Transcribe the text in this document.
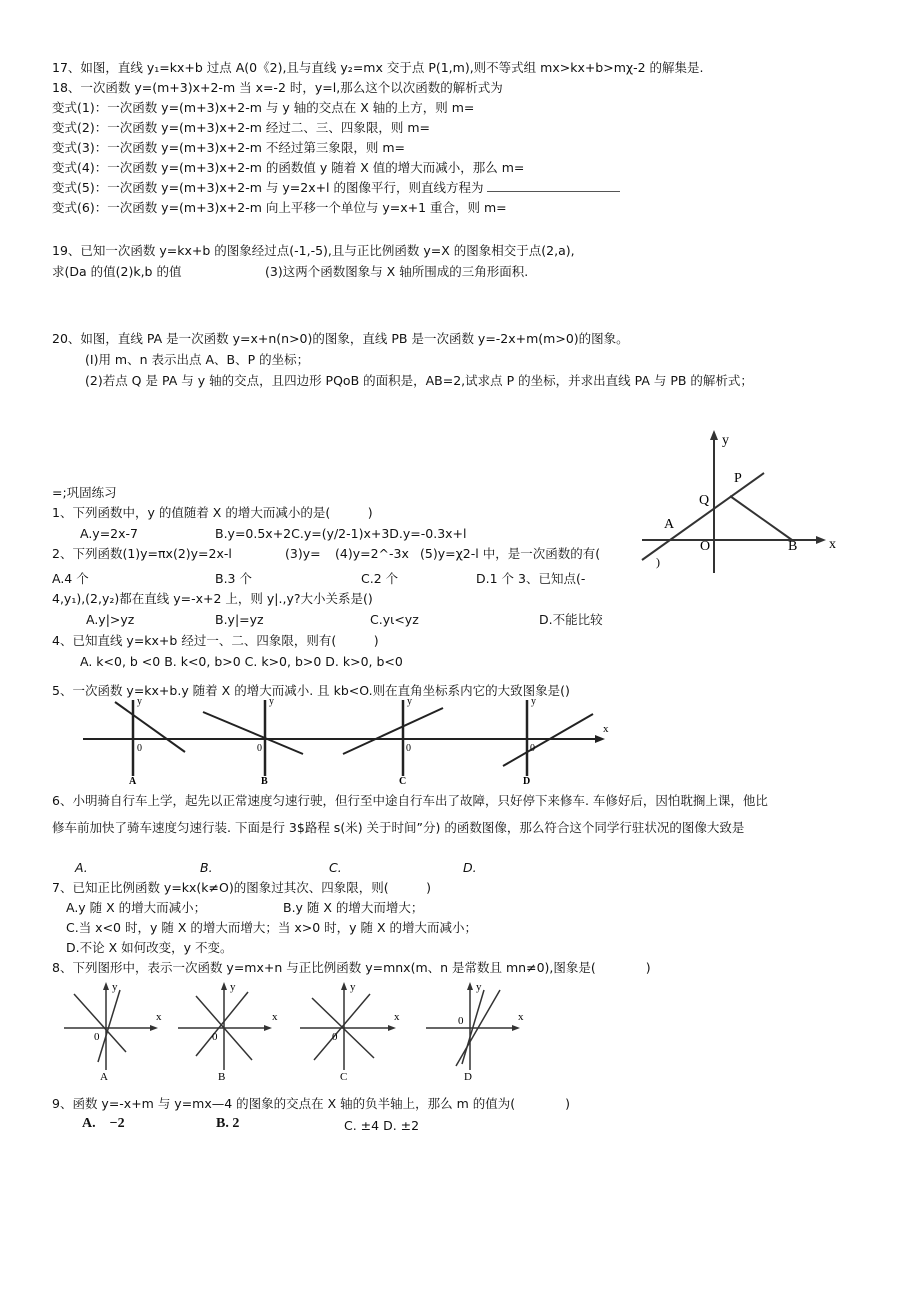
17、如图，直线 y₁=kx+b 过点 A(0《2),且与直线 y₂=mx 交于点 P(1,m),则不等式组 mx>kx+b>mχ-2 的解集是.
18、一次函数 y=(m+3)x+2-m 当 x=-2 时，y=l,那么这个以次函数的解析式为
变式(1)：一次函数 y=(m+3)x+2-m 与 y 轴的交点在 X 轴的上方，则 m=
变式(2)：一次函数 y=(m+3)x+2-m 经过二、三、四象限，则 m=
变式(3)：一次函数 y=(m+3)x+2-m 不经过第三象限，则 m=
变式(4)：一次函数 y=(m+3)x+2-m 的函数值 y 随着 X 值的增大而减小，那么 m=
变式(5)：一次函数 y=(m+3)x+2-m 与 y=2x+l 的图像平行，则直线方程为
变式(6)：一次函数 y=(m+3)x+2-m 向上平移一个单位与 y=x+1 重合，则 m=
19、已知一次函数 y=kx+b 的图象经过点(-1,-5),且与正比例函数 y=X 的图象相交于点(2,a),
求(Da 的值(2)k,b 的值	(3)这两个函数图象与 X 轴所围成的三角形面积.
20、如图，直线 PA 是一次函数 y=x+n(n>0)的图象，直线 PB 是一次函数 y=-2x+m(m>0)的图象。
(I)用 m、n 表示出点 A、B、P 的坐标；
(2)若点 Q 是 PA 与 y 轴的交点，且四边形 PQoB 的面积是，AB=2,试求点 P 的坐标，并求出直线 PA 与 PB 的解析式；
y
x
P
Q
A
O	B
)
=;巩固练习
1、下列函数中，y 的值随着 X 的增大而减小的是(　　　)
A.y=2x-7	B.y=0.5x+2C.y=(y/2-1)x+3D.y=-0.3x+l
2、下列函数(1)y=πx(2)y=2x-l	(3)y= (4)y=2^-3x (5)y=χ2-l 中，是一次函数的有(
A.4 个	B.3 个	C.2 个	D.1 个 3、已知点(-
4,y₁),(2,y₂)都在直线 y=-x+2 上，则 y|.,y?大小关系是()
A.y|>yz	B.y|=yz	C.yι<yz	D.不能比较
4、已知直线 y=kx+b 经过一、二、四象限，则有(　　　)
A. k<0, b <0 B. k<0, b>0 C. k>0, b>0 D. k>0, b<0
5、一次函数 y=kx+b.y 随着 X 的增大而减小. 且 kb<O.则在直角坐标系内它的大致图象是()
x
0
y
A
0
y
B
0
y
C
0
y
D
6、小明骑自行车上学，起先以正常速度匀速行驶，但行至中途自行车出了故障，只好停下来修车. 车修好后，因怕耽搁上课，他比
修车前加快了骑车速度匀速行装. 下面是行 3$路程 s(米) 关于时间”分) 的函数图像，那么符合这个同学行驻状况的图像大致是
A.	B.	C.	D.
7、已知正比例函数 y=kx(k≠O)的图象过其次、四象限，则(　　　)
A.y 随 X 的增大而减小；	B.y 随 X 的增大而增大；
C.当 x<0 时，y 随 X 的增大而增大；当 x>0 时，y 随 X 的增大而减小；
D.不论 X 如何改变，y 不变。
8、下列图形中，表示一次函数 y=mx+n 与正比例函数 y=mnx(m、n 是常数且 mn≠0),图象是(　　　　)
x
y
0
A
x
y
0
B
x
y
0
C
x
y
0
D
9、函数 y=-x+m 与 y=mx—4 的图象的交点在 X 轴的负半轴上，那么 m 的值为(　　　　)
A.　−2	B. 2	C. ±4 D. ±2
